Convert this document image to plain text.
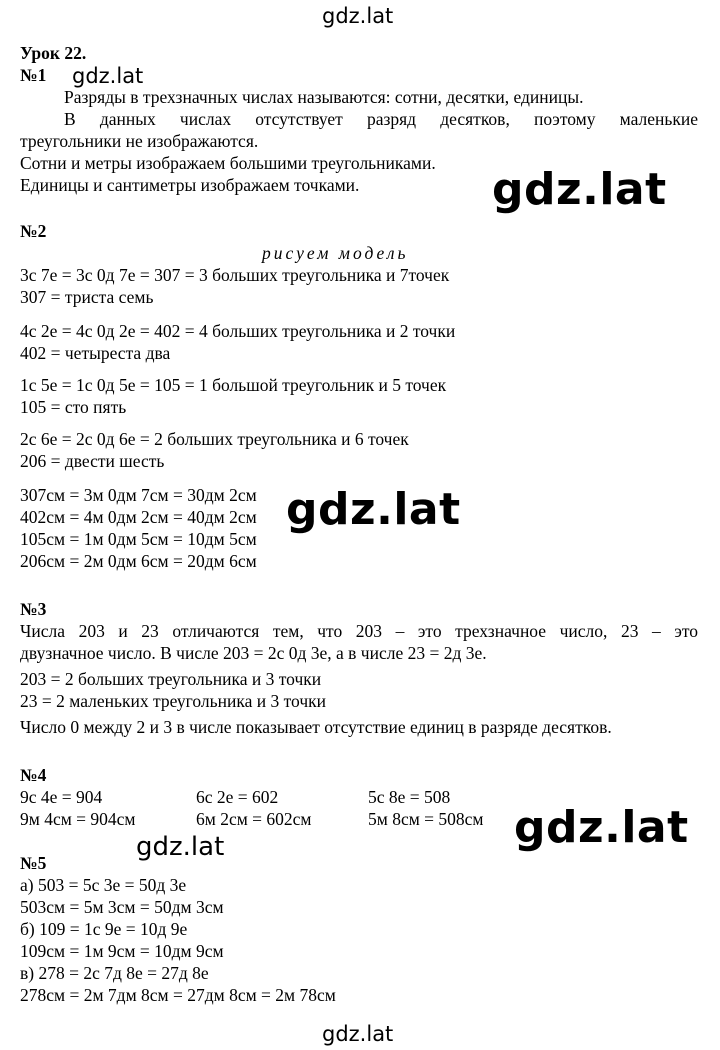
gdz.lat
gdz.lat
gdz.lat
gdz.lat
gdz.lat
gdz.lat
gdz.lat
Урок 22.
№1
Разряды в трехзначных числах называются: сотни, десятки, единицы.
В данных числах отсутствует разряд десятков, поэтому маленькие
треугольники не изображаются.
Сотни и метры изображаем большими треугольниками.
Единицы и сантиметры изображаем точками.
№2
рисуем модель
3с 7е = 3с 0д 7е = 307 = 3 больших треугольника и 7точек
307 = триста семь
4с 2е = 4с 0д 2е = 402 = 4 больших треугольника и 2 точки
402 = четыреста два
1с 5е = 1с 0д 5е = 105 = 1 большой треугольник и 5 точек
105 = сто пять
2с 6е = 2с 0д 6е = 2 больших треугольника и 6 точек
206 = двести шесть
307см = 3м 0дм 7см = 30дм 2см
402см = 4м 0дм 2см = 40дм 2см
105см = 1м 0дм 5см = 10дм 5см
206см = 2м 0дм 6см = 20дм 6см
№3
Числа 203 и 23 отличаются тем, что 203 – это трехзначное число, 23 – это
двузначное число. В числе 203 = 2с 0д 3е, а в числе 23 = 2д 3е.
203 = 2 больших треугольника и 3 точки
23 = 2 маленьких треугольника и 3 точки
Число 0 между 2 и 3 в числе показывает отсутствие единиц в разряде десятков.
№4
9с 4е = 904	6с 2е = 602	5с 8е = 508
9м 4см = 904см	6м 2см = 602см	5м 8см = 508см
№5
а) 503 = 5с 3е = 50д 3е
503см = 5м 3см = 50дм 3см
б) 109 = 1с 9е = 10д 9е
109см = 1м 9см = 10дм 9см
в) 278 = 2с 7д 8е = 27д 8е
278см = 2м 7дм 8см = 27дм 8см = 2м 78см
